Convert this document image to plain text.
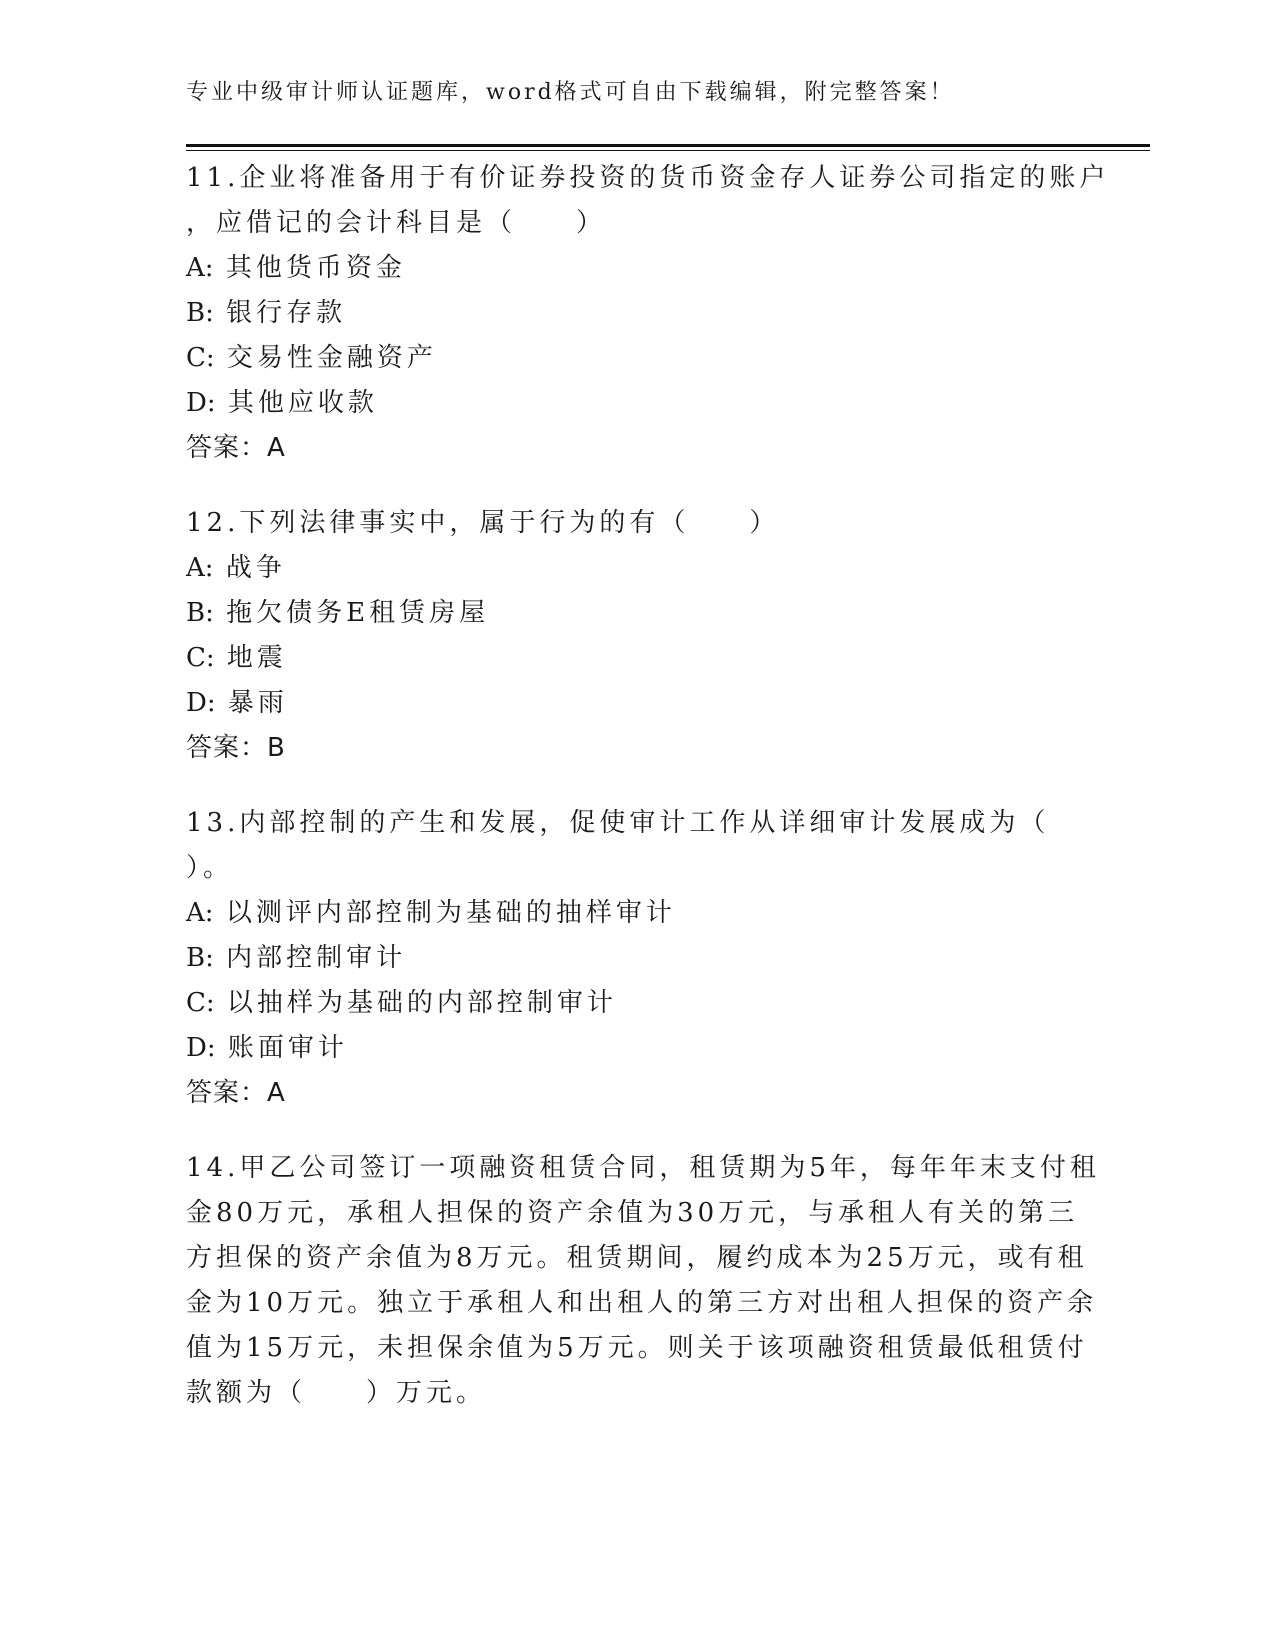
专业中级审计师认证题库，word格式可自由下载编辑，附完整答案！

11.企业将准备用于有价证券投资的货币资金存人证券公司指定的账户
，应借记的会计科目是（　　）

A: 其他货币资金

B: 银行存款

C: 交易性金融资产

D: 其他应收款

答案：A

12.下列法律事实中，属于行为的有（　　）

A: 战争

B: 拖欠债务E租赁房屋

C: 地震

D: 暴雨

答案：B

13.内部控制的产生和发展，促使审计工作从详细审计发展成为（
）。

A: 以测评内部控制为基础的抽样审计

B: 内部控制审计

C: 以抽样为基础的内部控制审计

D: 账面审计

答案：A

14.甲乙公司签订一项融资租赁合同，租赁期为5年，每年年末支付租
金80万元，承租人担保的资产余值为30万元，与承租人有关的第三
方担保的资产余值为8万元。租赁期间，履约成本为25万元，或有租
金为10万元。独立于承租人和出租人的第三方对出租人担保的资产余
值为15万元，未担保余值为5万元。则关于该项融资租赁最低租赁付
款额为（　　）万元。
